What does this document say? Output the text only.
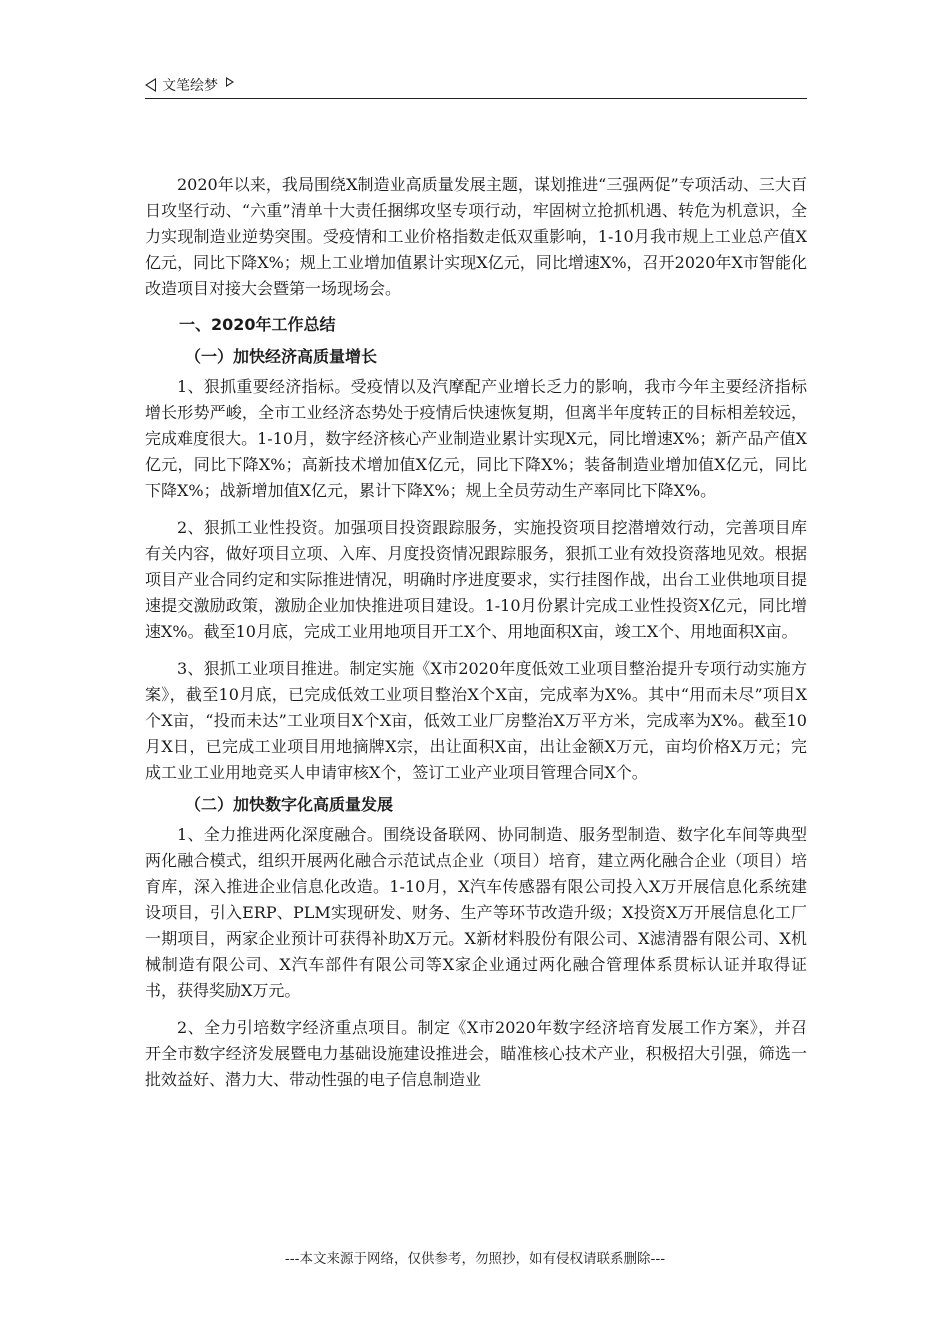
文笔绘梦

2020年以来，我局围绕X制造业高质量发展主题，谋划推进“三强两促”专项活动、三大百日攻坚行动、“六重”清单十大责任捆绑攻坚专项行动，牢固树立抢抓机遇、转危为机意识，全力实现制造业逆势突围。受疫情和工业价格指数走低双重影响，1-10月我市规上工业总产值X亿元，同比下降X%；规上工业增加值累计实现X亿元，同比增速X%，召开2020年X市智能化改造项目对接大会暨第一场现场会。

一、2020年工作总结
（一）加快经济高质量增长

1、狠抓重要经济指标。受疫情以及汽摩配产业增长乏力的影响，我市今年主要经济指标增长形势严峻，全市工业经济态势处于疫情后快速恢复期，但离半年度转正的目标相差较远，完成难度很大。1-10月，数字经济核心产业制造业累计实现X元，同比增速X%；新产品产值X亿元，同比下降X%；高新技术增加值X亿元，同比下降X%；装备制造业增加值X亿元，同比下降X%；战新增加值X亿元，累计下降X%；规上全员劳动生产率同比下降X%。

2、狠抓工业性投资。加强项目投资跟踪服务，实施投资项目挖潜增效行动，完善项目库有关内容，做好项目立项、入库、月度投资情况跟踪服务，狠抓工业有效投资落地见效。根据项目产业合同约定和实际推进情况，明确时序进度要求，实行挂图作战，出台工业供地项目提速提交激励政策，激励企业加快推进项目建设。1-10月份累计完成工业性投资X亿元，同比增速X%。截至10月底，完成工业用地项目开工X个、用地面积X亩，竣工X个、用地面积X亩。

3、狠抓工业项目推进。制定实施《X市2020年度低效工业项目整治提升专项行动实施方案》，截至10月底，已完成低效工业项目整治X个X亩，完成率为X%。其中“用而未尽”项目X个X亩，“投而未达”工业项目X个X亩，低效工业厂房整治X万平方米，完成率为X%。截至10月X日，已完成工业项目用地摘牌X宗，出让面积X亩，出让金额X万元，亩均价格X万元；完成工业工业用地竞买人申请审核X个，签订工业产业项目管理合同X个。

（二）加快数字化高质量发展

1、全力推进两化深度融合。围绕设备联网、协同制造、服务型制造、数字化车间等典型两化融合模式，组织开展两化融合示范试点企业（项目）培育，建立两化融合企业（项目）培育库，深入推进企业信息化改造。1-10月，X汽车传感器有限公司投入X万开展信息化系统建设项目，引入ERP、PLM实现研发、财务、生产等环节改造升级；X投资X万开展信息化工厂一期项目，两家企业预计可获得补助X万元。X新材料股份有限公司、X滤清器有限公司、X机械制造有限公司、X汽车部件有限公司等X家企业通过两化融合管理体系贯标认证并取得证书，获得奖励X万元。

2、全力引培数字经济重点项目。制定《X市2020年数字经济培育发展工作方案》，并召开全市数字经济发展暨电力基础设施建设推进会，瞄准核心技术产业，积极招大引强，筛选一批效益好、潜力大、带动性强的电子信息制造业

---本文来源于网络，仅供参考，勿照抄，如有侵权请联系删除---
